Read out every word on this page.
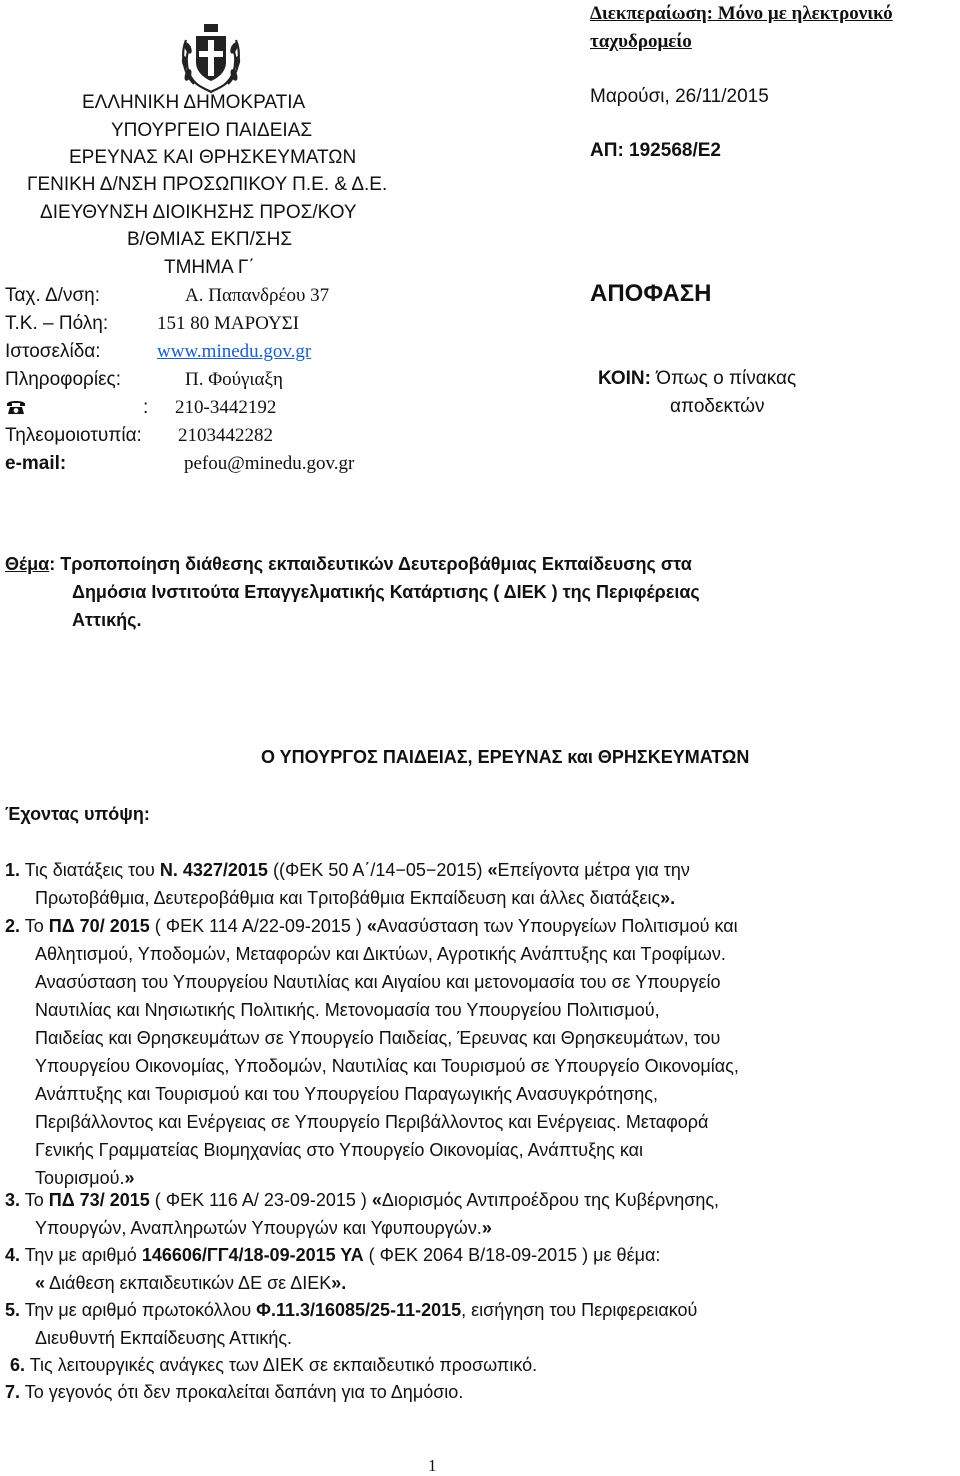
ΕΛΛΗΝΙΚΗ ΔΗΜΟΚΡΑΤΙΑ
ΥΠΟΥΡΓΕΙΟ ΠΑΙΔΕΙΑΣ
ΕΡΕΥΝΑΣ ΚΑΙ ΘΡΗΣΚΕΥΜΑΤΩΝ
ΓΕΝΙΚΗ Δ/ΝΣΗ ΠΡΟΣΩΠΙΚΟΥ Π.Ε. & Δ.Ε.
ΔΙΕΥΘΥΝΣΗ ΔΙΟΙΚΗΣΗΣ ΠΡΟΣ/ΚΟΥ
Β/ΘΜΙΑΣ ΕΚΠ/ΣΗΣ
ΤΜΗΜΑ Γ΄
Ταχ. Δ/νση:	Α. Παπανδρέου 37
Τ.Κ. – Πόλη:	151 80 ΜΑΡΟΥΣΙ
Ιστοσελίδα:	www.minedu.gov.gr
Πληροφορίες:	Π. Φούγιαξη
: 210-3442192
Τηλεομοιοτυπία: 2103442282
e-mail:	pefou@minedu.gov.gr
Διεκπεραίωση: Μόνο με ηλεκτρονικό
ταχυδρομείο
Μαρούσι, 26/11/2015
ΑΠ: 192568/Ε2
ΑΠΟΦΑΣΗ
ΚΟΙΝ: Όπως ο πίνακας
αποδεκτών
Θέμα: Τροποποίηση διάθεσης εκπαιδευτικών Δευτεροβάθμιας Εκπαίδευσης στα
Δημόσια Ινστιτούτα Επαγγελματικής Κατάρτισης ( ΔΙΕΚ ) της Περιφέρειας
Αττικής.
Ο ΥΠΟΥΡΓΟΣ ΠΑΙΔΕΙΑΣ, ΕΡΕΥΝΑΣ και ΘΡΗΣΚΕΥΜΑΤΩΝ
Έχοντας υπόψη:
1. Τις διατάξεις του Ν. 4327/2015 ((ΦΕΚ 50 Α΄/14−05−2015) «Επείγοντα μέτρα για την
Πρωτοβάθμια, Δευτεροβάθμια και Τριτοβάθμια Εκπαίδευση και άλλες διατάξεις».
2. Το ΠΔ 70/ 2015 ( ΦΕΚ 114 Α/22-09-2015 ) «Ανασύσταση των Υπουργείων Πολιτισμού και
Αθλητισμού, Υποδομών, Μεταφορών και Δικτύων, Αγροτικής Ανάπτυξης και Τροφίμων.
Ανασύσταση του Υπουργείου Ναυτιλίας και Αιγαίου και μετονομασία του σε Υπουργείο
Ναυτιλίας και Νησιωτικής Πολιτικής. Μετονομασία του Υπουργείου Πολιτισμού,
Παιδείας και Θρησκευμάτων σε Υπουργείο Παιδείας, Έρευνας και Θρησκευμάτων, του
Υπουργείου Οικονομίας, Υποδομών, Ναυτιλίας και Τουρισμού σε Υπουργείο Οικονομίας,
Ανάπτυξης και Τουρισμού και του Υπουργείου Παραγωγικής Ανασυγκρότησης,
Περιβάλλοντος και Ενέργειας σε Υπουργείο Περιβάλλοντος και Ενέργειας. Μεταφορά
Γενικής Γραμματείας Βιομηχανίας στο Υπουργείο Οικονομίας, Ανάπτυξης και
Τουρισμού.»
3. Το ΠΔ 73/ 2015 ( ΦΕΚ 116 Α/ 23-09-2015 ) «Διορισμός Αντιπροέδρου της Κυβέρνησης,
Υπουργών, Αναπληρωτών Υπουργών και Υφυπουργών.»
4. Την με αριθμό 146606/ΓΓ4/18-09-2015 ΥΑ ( ΦΕΚ 2064 Β/18-09-2015 ) με θέμα:
« Διάθεση εκπαιδευτικών ΔΕ σε ΔΙΕΚ».
5. Την με αριθμό πρωτοκόλλου Φ.11.3/16085/25-11-2015, εισήγηση του Περιφερειακού
Διευθυντή Εκπαίδευσης Αττικής.
6. Τις λειτουργικές ανάγκες των ΔΙΕΚ σε εκπαιδευτικό προσωπικό.
7. Το γεγονός ότι δεν προκαλείται δαπάνη για το Δημόσιο.
1
